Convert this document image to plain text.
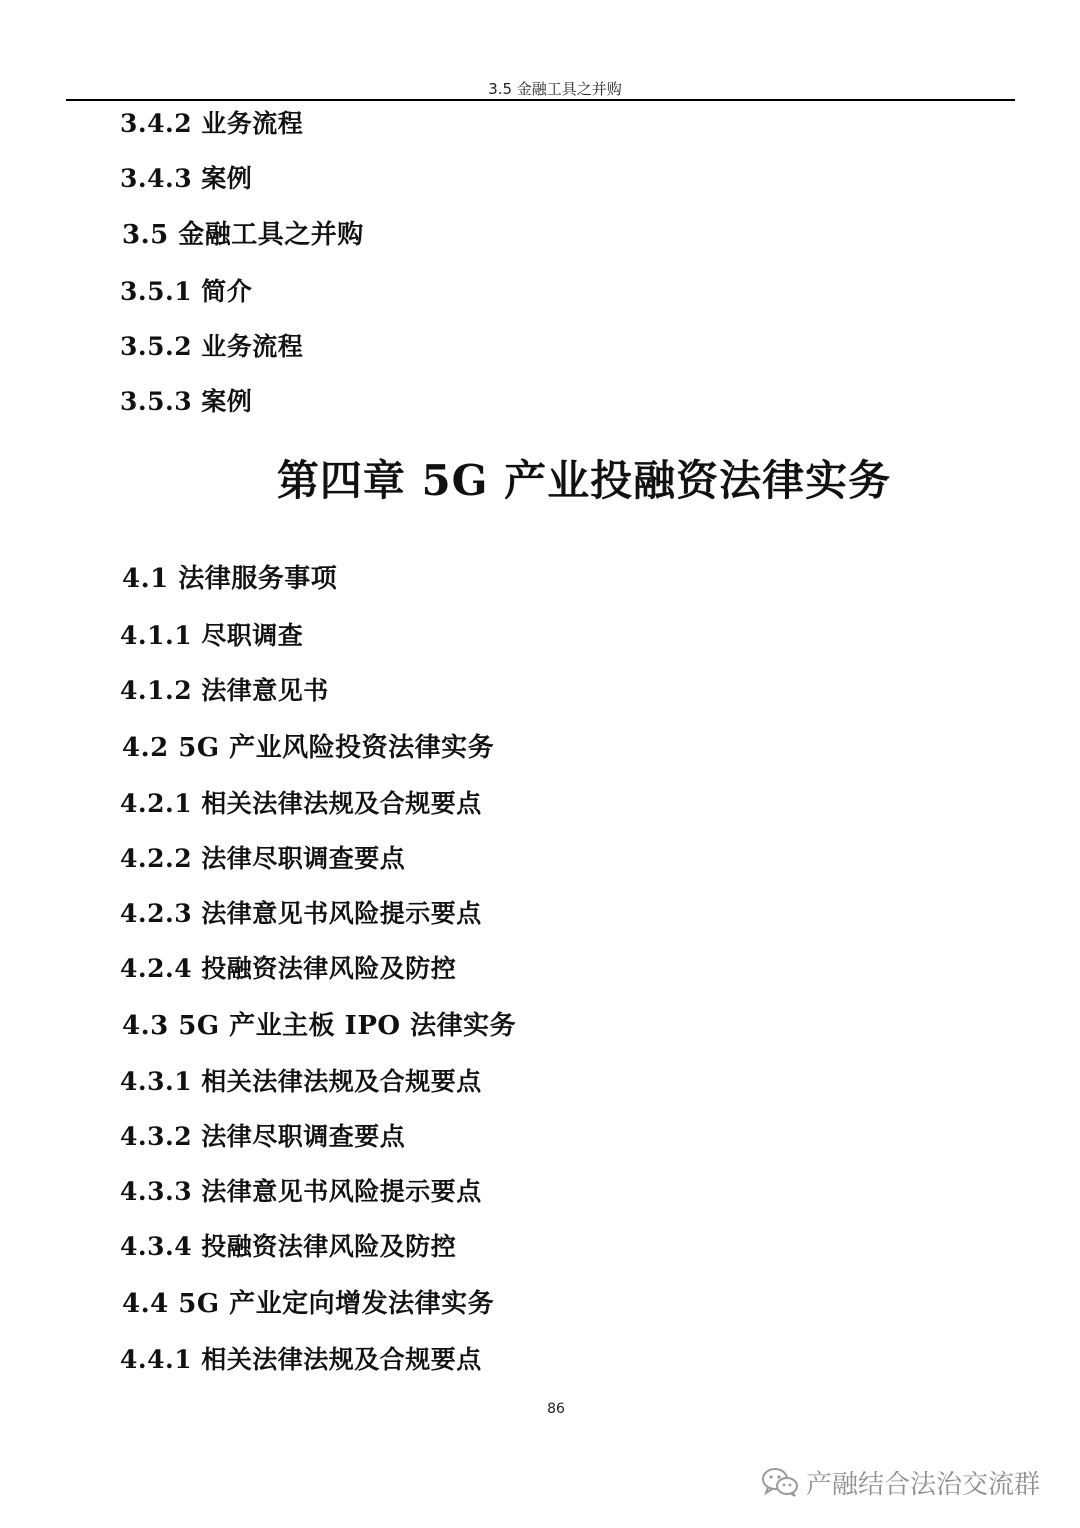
3.5 金融工具之并购
3.4.2 业务流程
3.4.3 案例
3.5 金融工具之并购
3.5.1 简介
3.5.2 业务流程
3.5.3 案例
第四章 5G 产业投融资法律实务
4.1 法律服务事项
4.1.1 尽职调查
4.1.2 法律意见书
4.2 5G 产业风险投资法律实务
4.2.1 相关法律法规及合规要点
4.2.2 法律尽职调查要点
4.2.3 法律意见书风险提示要点
4.2.4 投融资法律风险及防控
4.3 5G 产业主板 IPO 法律实务
4.3.1 相关法律法规及合规要点
4.3.2 法律尽职调查要点
4.3.3 法律意见书风险提示要点
4.3.4 投融资法律风险及防控
4.4 5G 产业定向增发法律实务
4.4.1 相关法律法规及合规要点
86
产融结合法治交流群
